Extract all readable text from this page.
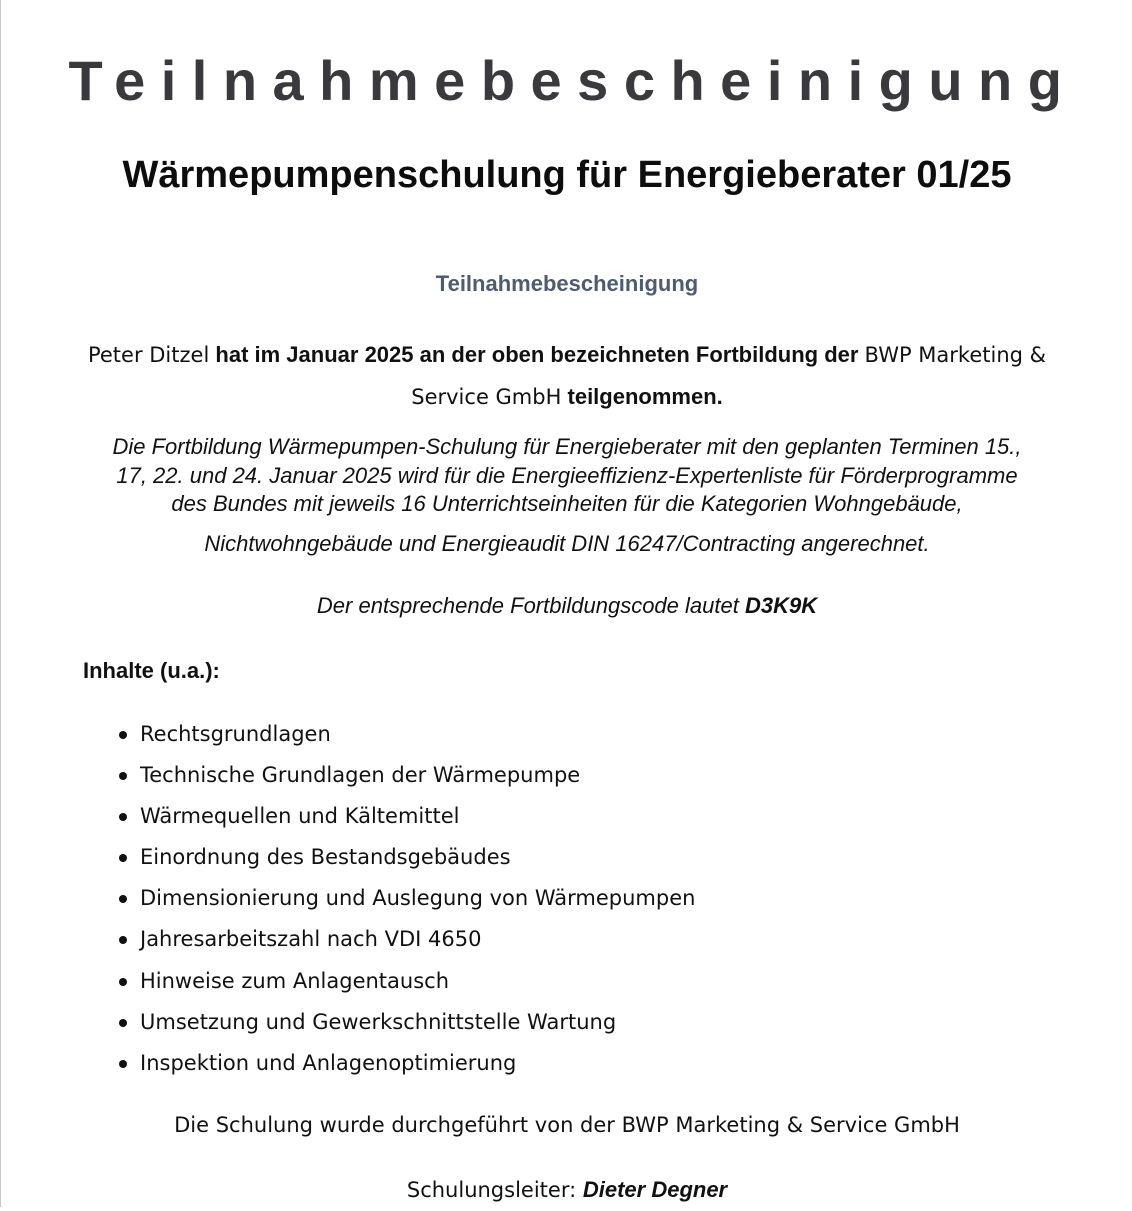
Teilnahmebescheinigung
Wärmepumpenschulung für Energieberater 01/25
Teilnahmebescheinigung
Peter Ditzel hat im Januar 2025 an der oben bezeichneten Fortbildung der BWP Marketing & Service GmbH teilgenommen.
Die Fortbildung Wärmepumpen-Schulung für Energieberater mit den geplanten Terminen 15.,
17, 22. und 24. Januar 2025 wird für die Energieeffizienz-Expertenliste für Förderprogramme
des Bundes mit jeweils 16 Unterrichtseinheiten für die Kategorien Wohngebäude,
Nichtwohngebäude und Energieaudit DIN 16247/Contracting angerechnet.
Der entsprechende Fortbildungscode lautet D3K9K
Inhalte (u.a.):
Rechtsgrundlagen
Technische Grundlagen der Wärmepumpe
Wärmequellen und Kältemittel
Einordnung des Bestandsgebäudes
Dimensionierung und Auslegung von Wärmepumpen
Jahresarbeitszahl nach VDI 4650
Hinweise zum Anlagentausch
Umsetzung und Gewerkschnittstelle Wartung
Inspektion und Anlagenoptimierung
Die Schulung wurde durchgeführt von der BWP Marketing & Service GmbH
Schulungsleiter: Dieter Degner
